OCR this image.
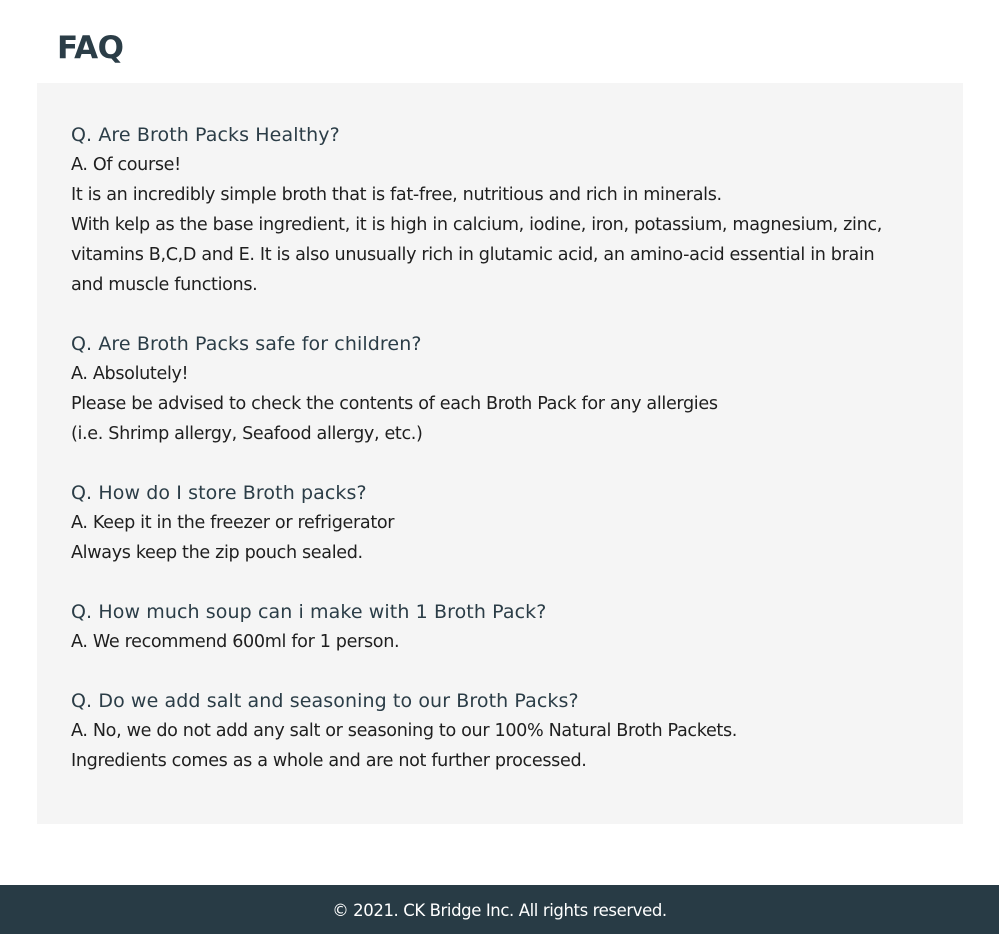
FAQ

Q. Are Broth Packs Healthy?

A. Of course!

It is an incredibly simple broth that is fat-free, nutritious and rich in minerals.

With kelp as the base ingredient, it is high in calcium, iodine, iron, potassium, magnesium, zinc,

vitamins B,C,D and E. It is also unusually rich in glutamic acid, an amino-acid essential in brain

and muscle functions.

Q. Are Broth Packs safe for children?

A. Absolutely!

Please be advised to check the contents of each Broth Pack for any allergies

(i.e. Shrimp allergy, Seafood allergy, etc.)

Q. How do I store Broth packs?

A. Keep it in the freezer or refrigerator

Always keep the zip pouch sealed.

Q. How much soup can i make with 1 Broth Pack?

A. We recommend 600ml for 1 person.

Q. Do we add salt and seasoning to our Broth Packs?

A. No, we do not add any salt or seasoning to our 100% Natural Broth Packets.

Ingredients comes as a whole and are not further processed.

© 2021. CK Bridge Inc. All rights reserved.
